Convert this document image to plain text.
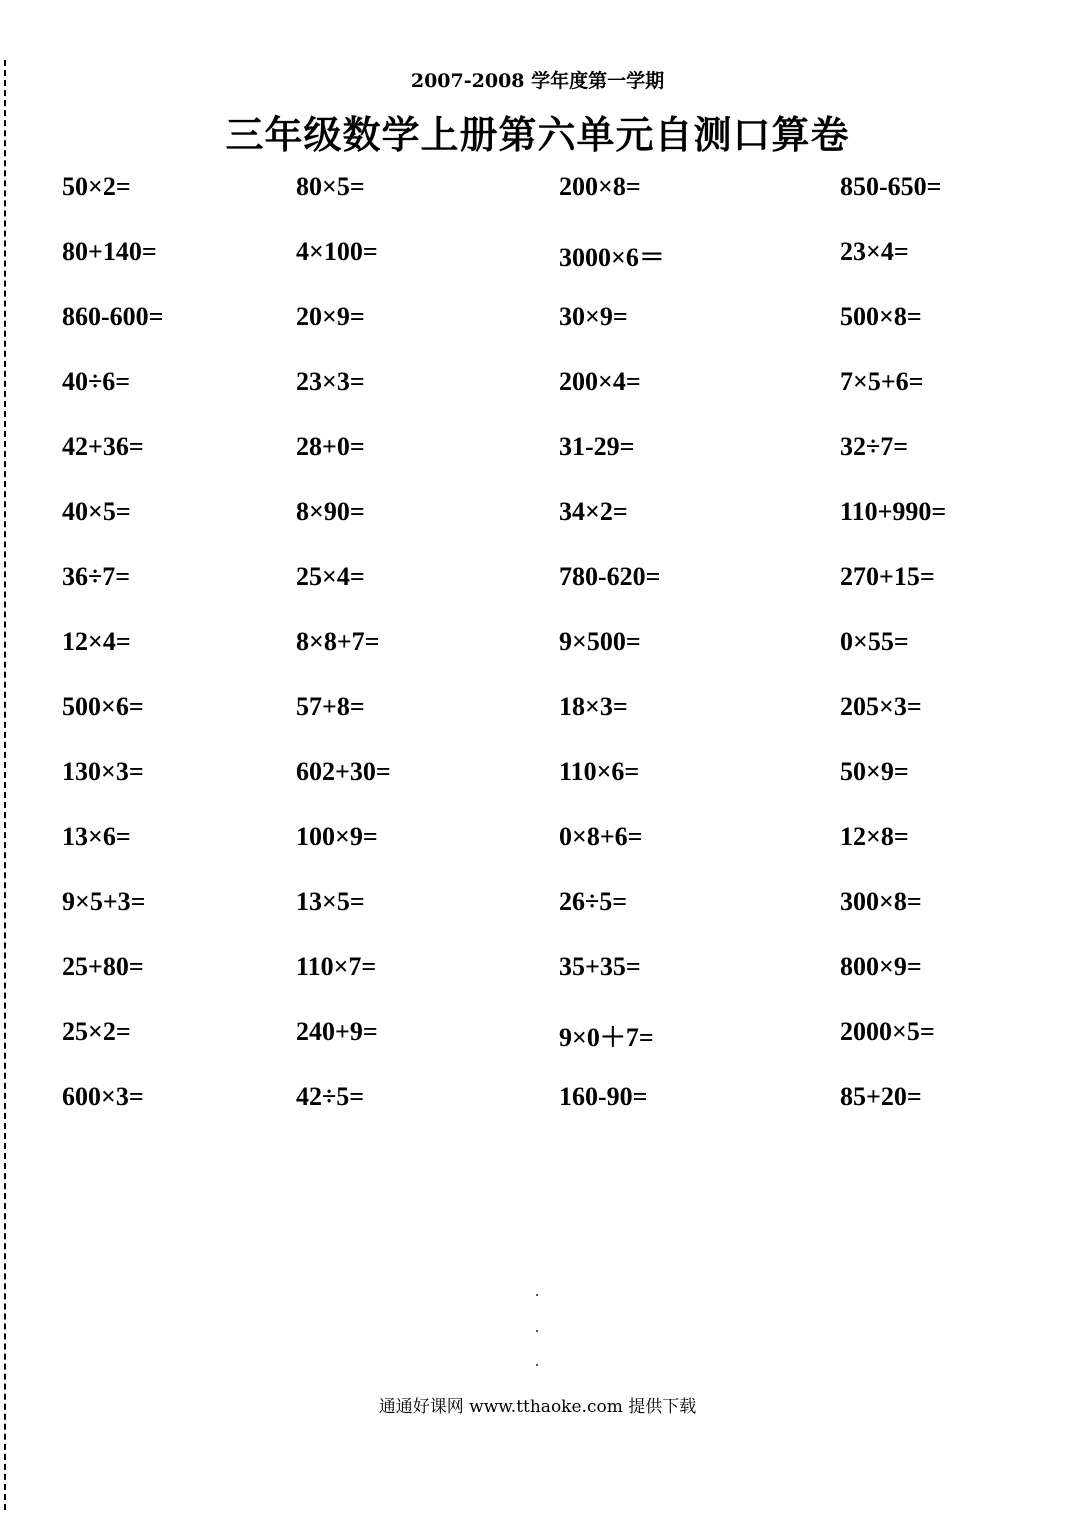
2007-2008 学年度第一学期
三年级数学上册第六单元自测口算卷
50×2=	80×5=	200×8=	850-650=
80+140=	4×100=	3000×6＝	23×4=
860-600=	20×9=	30×9=	500×8=
40÷6=	23×3=	200×4=	7×5+6=
42+36=	28+0=	31-29=	32÷7=
40×5=	8×90=	34×2=	110+990=
36÷7=	25×4=	780-620=	270+15=
12×4=	8×8+7=	9×500=	0×55=
500×6=	57+8=	18×3=	205×3=
130×3=	602+30=	110×6=	50×9=
13×6=	100×9=	0×8+6=	12×8=
9×5+3=	13×5=	26÷5=	300×8=
25+80=	110×7=	35+35=	800×9=
25×2=	240+9=	9×0＋7=	2000×5=
600×3=	42÷5=	160-90=	85+20=
通通好课网 www.tthaoke.com 提供下载
